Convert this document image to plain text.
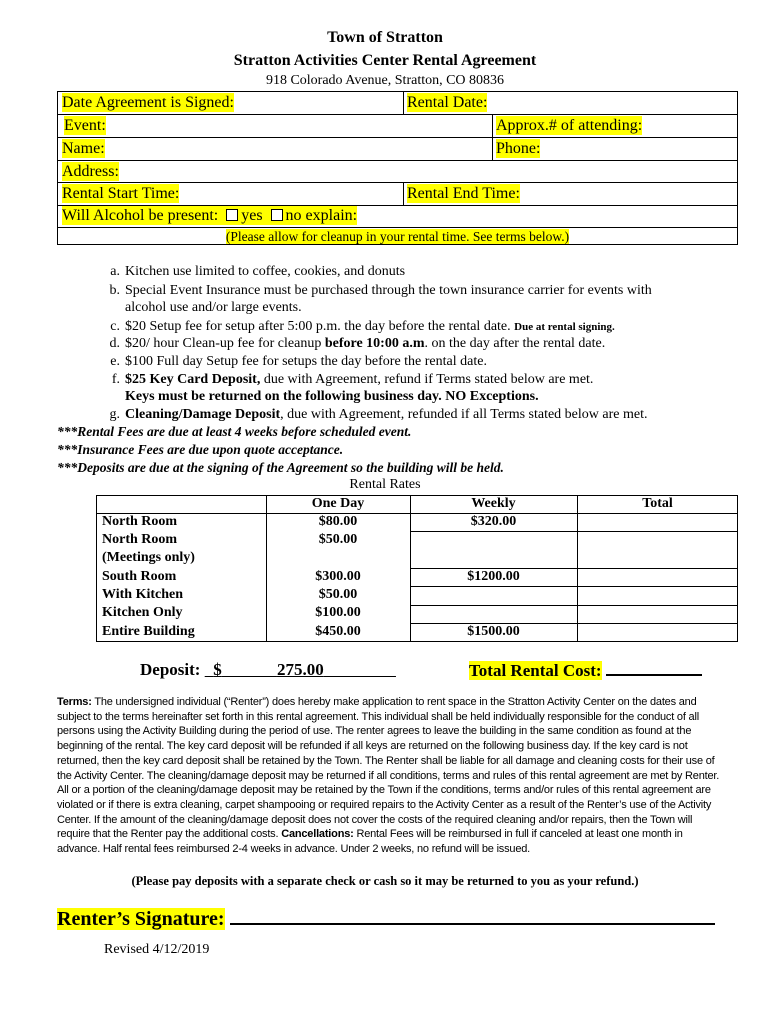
Town of Stratton
Stratton Activities Center Rental Agreement
918 Colorado Avenue, Stratton, CO 80836
Date Agreement is Signed:	Rental Date:
Event:	Approx.# of attending:
Name:	Phone:
Address:
Rental Start Time:	Rental End Time:
Will Alcohol be present: yes no explain:
(Please allow for cleanup in your rental time. See terms below.)
a. Kitchen use limited to coffee, cookies, and donuts
b. Special Event Insurance must be purchased through the town insurance carrier for events with
alcohol use and/or large events.
c. $20 Setup fee for setup after 5:00 p.m. the day before the rental date. Due at rental signing.
d. $20/ hour Clean-up fee for cleanup before 10:00 a.m. on the day after the rental date.
e. $100 Full day Setup fee for setups the day before the rental date.
f. $25 Key Card Deposit, due with Agreement, refund if Terms stated below are met.
Keys must be returned on the following business day. NO Exceptions.
g. Cleaning/Damage Deposit, due with Agreement, refunded if all Terms stated below are met.
***Rental Fees are due at least 4 weeks before scheduled event.
***Insurance Fees are due upon quote acceptance.
***Deposits are due at the signing of the Agreement so the building will be held.
Rental Rates
One Day	Weekly	Total
North Room	$80.00	$320.00
North Room	$50.00
(Meetings only)
South Room	$300.00	$1200.00
With Kitchen	$50.00
Kitchen Only	$100.00
Entire Building	$450.00	$1500.00
Deposit: $	275.00	Total Rental Cost:
Terms: The undersigned individual (“Renter”) does hereby make application to rent space in the Stratton Activity Center on the dates and subject to the terms hereinafter set forth in this rental agreement. This individual shall be held individually responsible for the conduct of all persons using the Activity Building during the period of use. The renter agrees to leave the building in the same condition as found at the beginning of the rental. The key card deposit will be refunded if all keys are returned on the following business day. If the key card is not returned, then the key card deposit shall be retained by the Town. The Renter shall be liable for all damage and cleaning costs for their use of the Activity Center. The cleaning/damage deposit may be returned if all conditions, terms and rules of this rental agreement are met by Renter. All or a portion of the cleaning/damage deposit may be retained by the Town if the conditions, terms and/or rules of this rental agreement are violated or if there is extra cleaning, carpet shampooing or required repairs to the Activity Center as a result of the Renter’s use of the Activity Center. If the amount of the cleaning/damage deposit does not cover the costs of the required cleaning and/or repairs, then the Town will require that the Renter pay the additional costs. Cancellations: Rental Fees will be reimbursed in full if canceled at least one month in advance. Half rental fees reimbursed 2-4 weeks in advance. Under 2 weeks, no refund will be issued.
(Please pay deposits with a separate check or cash so it may be returned to you as your refund.)
Renter’s Signature:
Revised 4/12/2019
